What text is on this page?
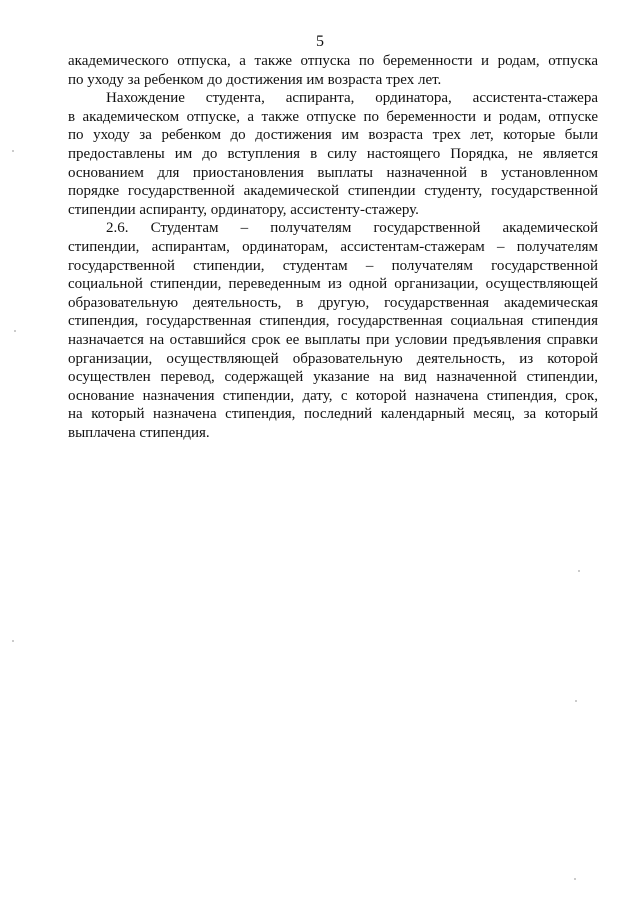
5
академического отпуска, а также отпуска по беременности и родам, отпуска
по уходу за ребенком до достижения им возраста трех лет.
Нахождение студента, аспиранта, ординатора, ассистента-стажера
в академическом отпуске, а также отпуске по беременности и родам, отпуске
по уходу за ребенком до достижения им возраста трех лет, которые были
предоставлены им до вступления в силу настоящего Порядка, не является
основанием для приостановления выплаты назначенной в установленном
порядке государственной академической стипендии студенту, государственной
стипендии аспиранту, ординатору, ассистенту-стажеру.
2.6. Студентам – получателям государственной академической
стипендии, аспирантам, ординаторам, ассистентам-стажерам – получателям
государственной стипендии, студентам – получателям государственной
социальной стипендии, переведенным из одной организации, осуществляющей
образовательную деятельность, в другую, государственная академическая
стипендия, государственная стипендия, государственная социальная стипендия
назначается на оставшийся срок ее выплаты при условии предъявления справки
организации, осуществляющей образовательную деятельность, из которой
осуществлен перевод, содержащей указание на вид назначенной стипендии,
основание назначения стипендии, дату, с которой назначена стипендия, срок,
на который назначена стипендия, последний календарный месяц, за который
выплачена стипендия.
